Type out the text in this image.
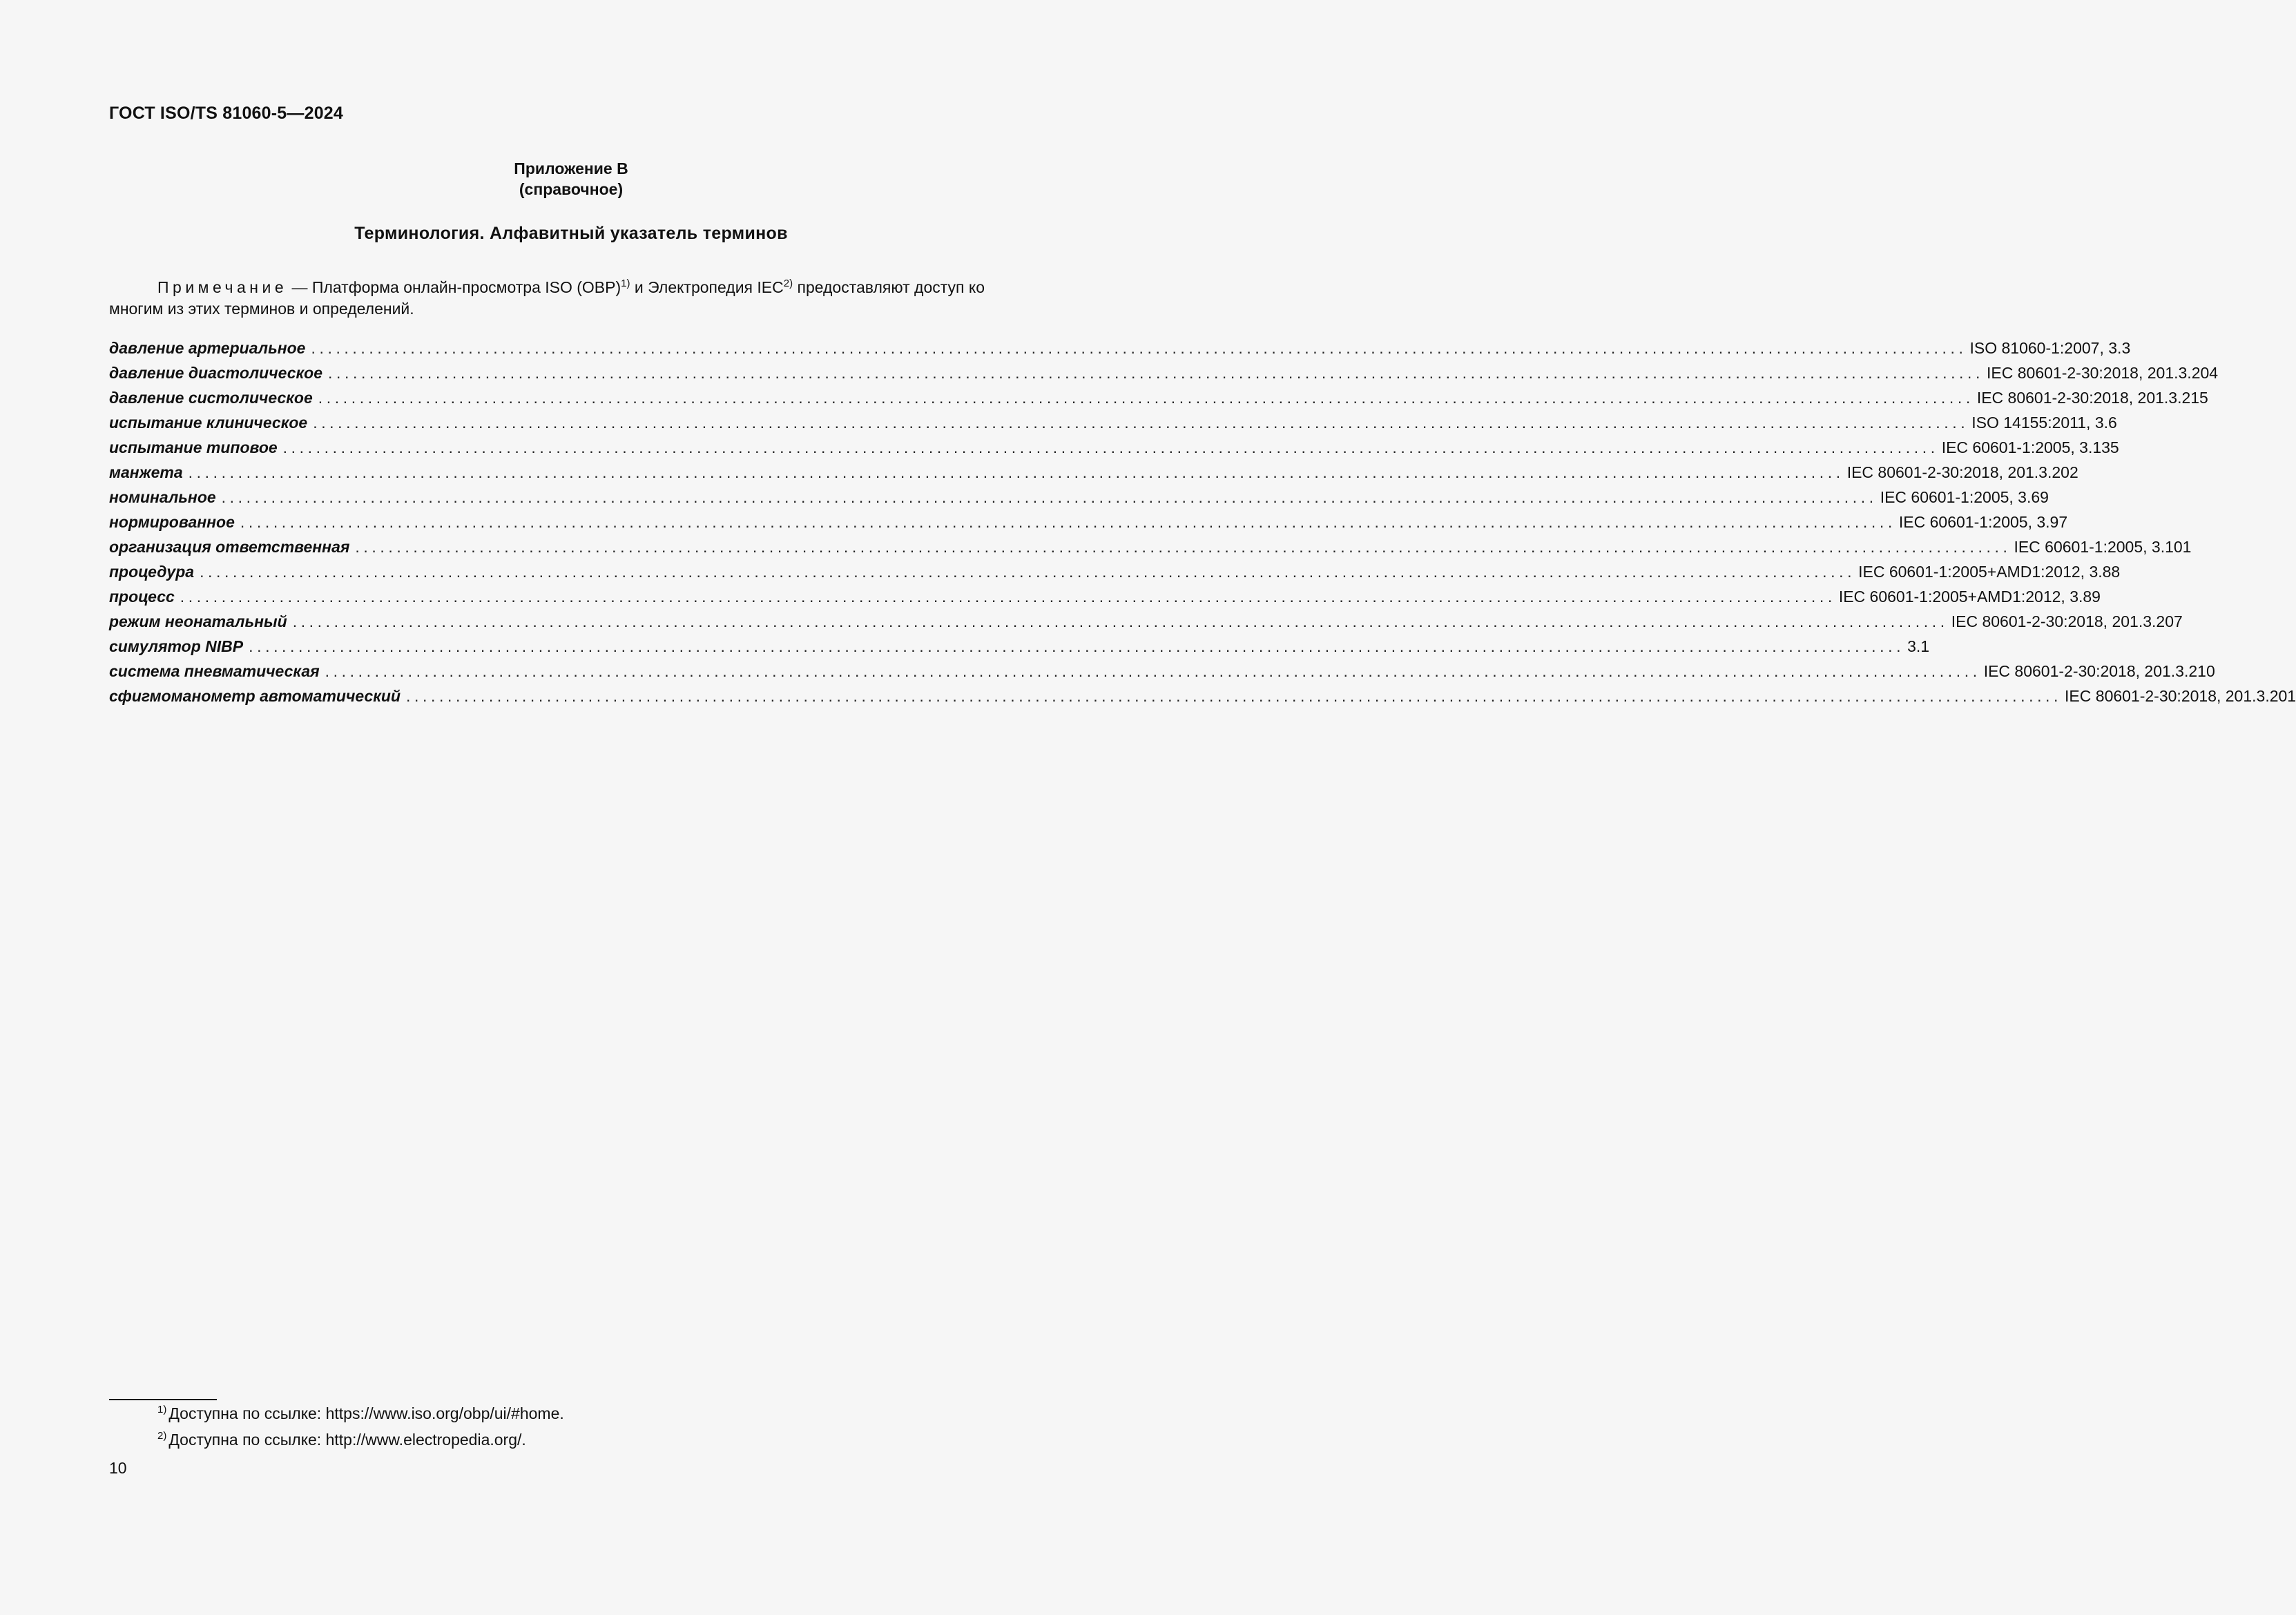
ГОСТ ISO/TS 81060-5—2024
Приложение В
(справочное)
Терминология. Алфавитный указатель терминов
Примечание — Платформа онлайн-просмотра ISO (OBP)$^{1)}$ и Электропедия IEC$^{2)}$ предоставляют доступ ко многим из этих терминов и определений.
давление артериальное ........................................................................................................................................................................................................ ISO 81060-1:2007, 3.3
давление диастолическое ........................................................................................................................................................................................................ IEC 80601-2-30:2018, 201.3.204
давление систолическое ........................................................................................................................................................................................................ IEC 80601-2-30:2018, 201.3.215
испытание клиническое ........................................................................................................................................................................................................ ISO 14155:2011, 3.6
испытание типовое ........................................................................................................................................................................................................ IEC 60601-1:2005, 3.135
манжета ........................................................................................................................................................................................................ IEC 80601-2-30:2018, 201.3.202
номинальное ........................................................................................................................................................................................................ IEC 60601-1:2005, 3.69
нормированное ........................................................................................................................................................................................................ IEC 60601-1:2005, 3.97
организация ответственная ........................................................................................................................................................................................................ IEC 60601-1:2005, 3.101
процедура ........................................................................................................................................................................................................ IEC 60601-1:2005+AMD1:2012, 3.88
процесс ........................................................................................................................................................................................................ IEC 60601-1:2005+AMD1:2012, 3.89
режим неонатальный ........................................................................................................................................................................................................ IEC 80601-2-30:2018, 201.3.207
симулятор NIBP ........................................................................................................................................................................................................ 3.1
система пневматическая ........................................................................................................................................................................................................ IEC 80601-2-30:2018, 201.3.210
сфигмоманометр автоматический ........................................................................................................................................................................................................ IEC 80601-2-30:2018, 201.3.201
$^{1)}$ Доступна по ссылке: https://www.iso.org/obp/ui/#home.
$^{2)}$ Доступна по ссылке: http://www.electropedia.org/.
10
